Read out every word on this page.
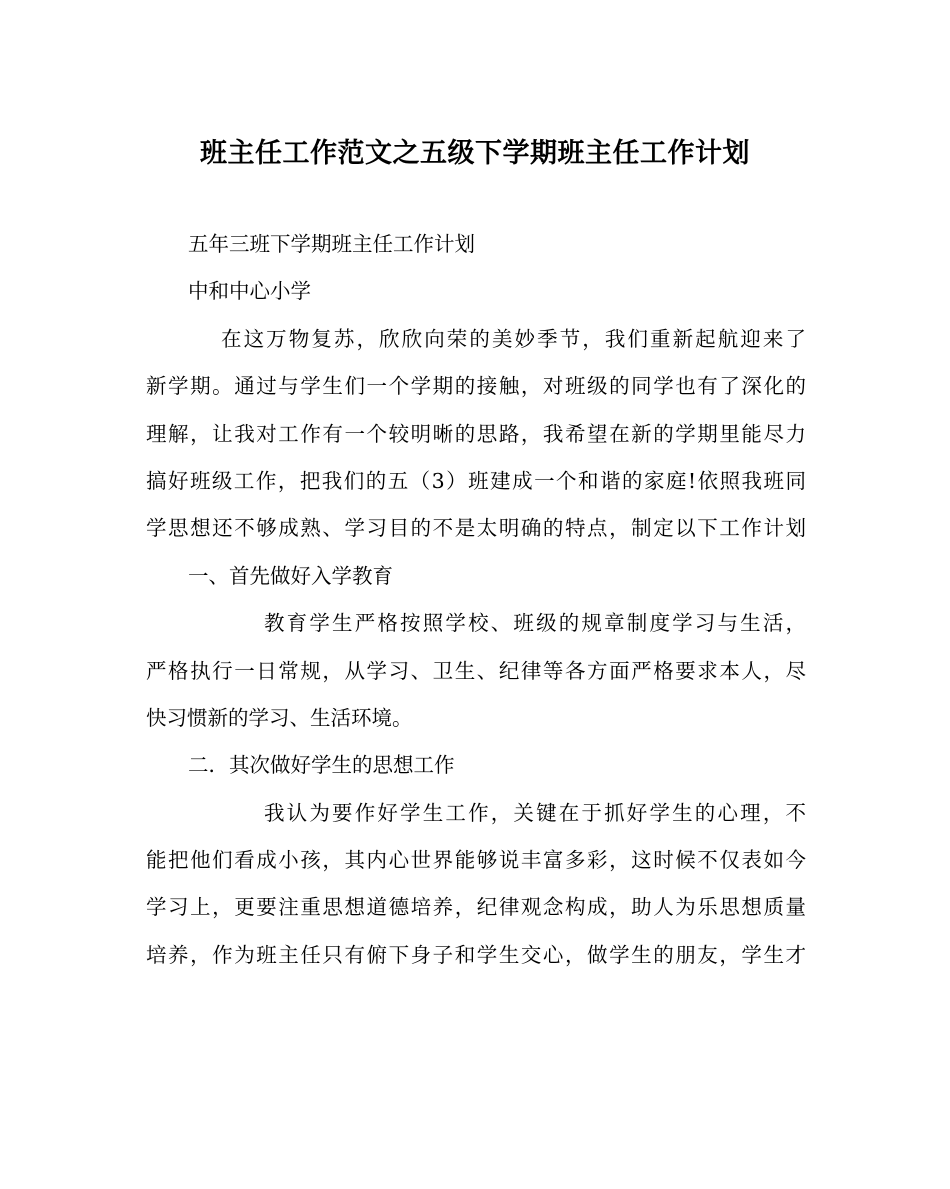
班主任工作范文之五级下学期班主任工作计划
五年三班下学期班主任工作计划
中和中心小学
在这万物复苏，欣欣向荣的美妙季节，我们重新起航迎来了
新学期。通过与学生们一个学期的接触，对班级的同学也有了深化的
理解，让我对工作有一个较明晰的思路，我希望在新的学期里能尽力
搞好班级工作，把我们的五（3）班建成一个和谐的家庭!依照我班同
学思想还不够成熟、学习目的不是太明确的特点，制定以下工作计划
一、首先做好入学教育
教育学生严格按照学校、班级的规章制度学习与生活，
严格执行一日常规，从学习、卫生、纪律等各方面严格要求本人，尽
快习惯新的学习、生活环境。
二．其次做好学生的思想工作
我认为要作好学生工作，关键在于抓好学生的心理，不
能把他们看成小孩，其内心世界能够说丰富多彩，这时候不仅表如今
学习上，更要注重思想道德培养，纪律观念构成，助人为乐思想质量
培养，作为班主任只有俯下身子和学生交心，做学生的朋友，学生才
